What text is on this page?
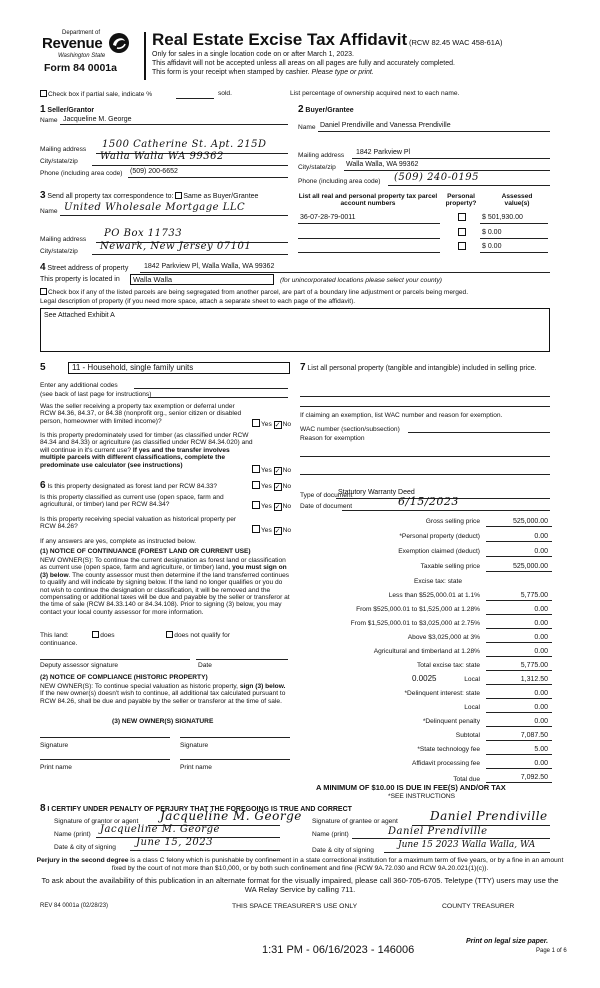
Department of
Revenue
Washington State
Form 84 0001a
Real Estate Excise Tax Affidavit (RCW 82.45 WAC 458-61A)
Only for sales in a single location code on or after March 1, 2023.
This affidavit will not be accepted unless all areas on all pages are fully and accurately completed.
This form is your receipt when stamped by cashier. Please type or print.
Check box if partial sale, indicate %	sold.	List percentage of ownership acquired next to each name.
1 Seller/Grantor
Name Jacqueline M. George
Mailing address 1500 Catherine St. Apt. 215D
City/state/zip Walla Walla WA 99362
Phone (including area code) (509) 200-6652
2 Buyer/Grantee
Name Daniel Prendiville and Vanessa Prendiville
Mailing address 1842 Parkview Pl
City/state/zip Walla Walla, WA 99362
Phone (including area code) (509) 240-0195
3 Send all property tax correspondence to: Same as Buyer/Grantee
Name United Wholesale Mortgage LLC
Mailing address
PO Box 11733
City/state/zip Newark, New Jersey 07101
List all real and personal property tax parcel account numbers
Personal property?
Assessed value(s)
36-07-28-79-0011	$ 501,930.00
$ 0.00
$ 0.00
4 Street address of property 1842 Parkview Pl, Walla Walla, WA 99362
This property is located in	Walla Walla	(for unincorporated locations please select your county)
Check box if any of the listed parcels are being segregated from another parcel, are part of a boundary line adjustment or parcels being merged.
Legal description of property (if you need more space, attach a separate sheet to each page of the affidavit).
See Attached Exhibit A
5	11 - Household, single family units
Enter any additional codes
(see back of last page for instructions)
Was the seller receiving a property tax exemption or deferral under RCW 84.36, 84.37, or 84.38 (nonprofit org., senior citizen or disabled person, homeowner with limited income)?	Yes ✓ No
Is this property predominately used for timber (as classified under RCW 84.34 and 84.33) or agriculture (as classified under RCW 84.34.020) and will continue in it's current use? If yes and the transfer involves multiple parcels with different classifications, complete the predominate use calculator (see instructions)
Yes ✓ No
6 Is this property designated as forest land per RCW 84.33?	Yes ✓ No
Is this property classified as current use (open space, farm and agricultural, or timber) land per RCW 84.34?	Yes ✓ No
Is this property receiving special valuation as historical property per RCW 84.26?
Yes ✓ No
If any answers are yes, complete as instructed below.
(1) NOTICE OF CONTINUANCE (FOREST LAND OR CURRENT USE)
NEW OWNER(S): To continue the current designation as forest land or classification as current use (open space, farm and agriculture, or timber) land, you must sign on (3) below. The county assessor must then determine if the land transferred continues to qualify and will indicate by signing below. If the land no longer qualifies or you do not wish to continue the designation or classification, it will be removed and the compensating or additional taxes will be due and payable by the seller or transferor at the time of sale (RCW 84.33.140 or 84.34.108). Prior to signing (3) below, you may contact your local county assessor for more information.
This land:	does	does not qualify for
continuance.
Deputy assessor signature	Date
(2) NOTICE OF COMPLIANCE (HISTORIC PROPERTY)
NEW OWNER(S): To continue special valuation as historic property, sign (3) below. If the new owner(s) doesn't wish to continue, all additional tax calculated pursuant to RCW 84.26, shall be due and payable by the seller or transferor at the time of sale.
(3) NEW OWNER(S) SIGNATURE
Signature	Signature
Print name	Print name
7 List all personal property (tangible and intangible) included in selling price.
If claiming an exemption, list WAC number and reason for exemption.
WAC number (section/subsection)
Reason for exemption
Type of document
Statutory Warranty Deed
Date of document	6/15/2023
Gross selling price	525,000.00
*Personal property (deduct)	0.00
Exemption claimed (deduct)	0.00
Taxable selling price	525,000.00
Excise tax: state
Less than $525,000.01 at 1.1%	5,775.00
From $525,000.01 to $1,525,000 at 1.28%	0.00
From $1,525,000.01 to $3,025,000 at 2.75%	0.00
Above $3,025,000 at 3%	0.00
Agricultural and timberland at 1.28%	0.00
Total excise tax: state	5,775.00
0.0025	Local	1,312.50
*Delinquent interest: state	0.00
Local	0.00
*Delinquent penalty	0.00
Subtotal	7,087.50
*State technology fee	5.00
Affidavit processing fee	0.00
Total due	7,092.50
A MINIMUM OF $10.00 IS DUE IN FEE(S) AND/OR TAX
*SEE INSTRUCTIONS
8 I CERTIFY UNDER PENALTY OF PERJURY THAT THE FOREGOING IS TRUE AND CORRECT
Signature of grantor or agent Jacqueline M. George
Name (print) Jacqueline M. George
Date & city of signing June 15, 2023
Signature of grantee or agent	Daniel Prendiville
Name (print)	Daniel Prendiville
Date & city of signing
June 15 2023 Walla Walla, WA
Perjury in the second degree is a class C felony which is punishable by confinement in a state correctional institution for a maximum term of five years, or by a fine in an amount fixed by the court of not more than $10,000, or by both such confinement and fine (RCW 9A.72.030 and RCW 9A.20.021(1)(c)).
To ask about the availability of this publication in an alternate format for the visually impaired, please call 360-705-6705. Teletype (TTY) users may use the WA Relay Service by calling 711.
REV 84 0001a (02/28/23)	THIS SPACE TREASURER'S USE ONLY	COUNTY TREASURER
Print on legal size paper.
Page 1 of 6
1:31 PM - 06/16/2023 - 146006
